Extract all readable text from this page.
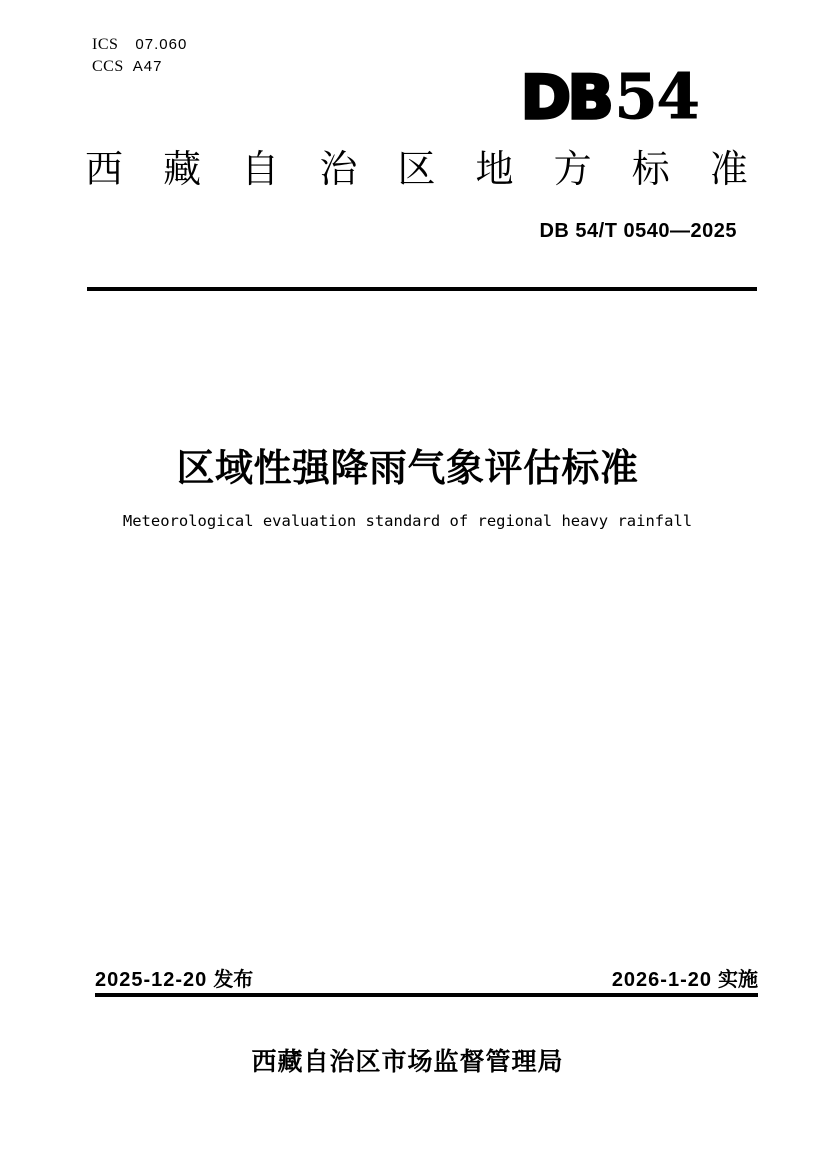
ICS 07.060
CCS A47	DB 54
西 藏 自 治 区 地 方 标 准
DB 54/T 0540—2025
区域性强降雨气象评估标准
Meteorological evaluation standard of regional heavy rainfall
2025-12-20 发布	2026-1-20 实施
西藏自治区市场监督管理局
